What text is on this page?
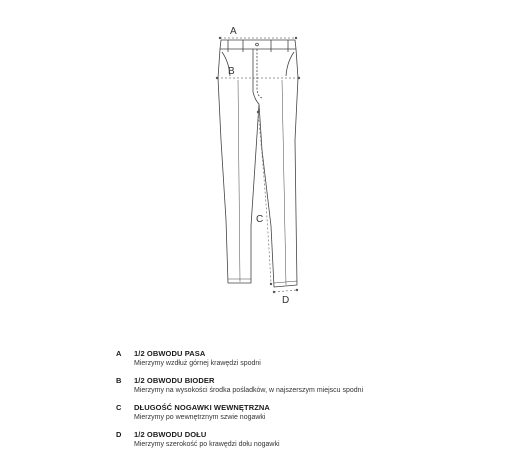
A
B
C
D
A	1/2 OBWODU PASA
Mierzymy wzdłuż górnej krawędzi spodni
B	1/2 OBWODU BIODER
Mierzymy na wysokości środka pośladków, w najszerszym miejscu spodni
C	DŁUGOŚĆ NOGAWKI WEWNĘTRZNA
Mierzymy po wewnętrznym szwie nogawki
D	1/2 OBWODU DOŁU
Mierzymy szerokość po krawędzi dołu nogawki
